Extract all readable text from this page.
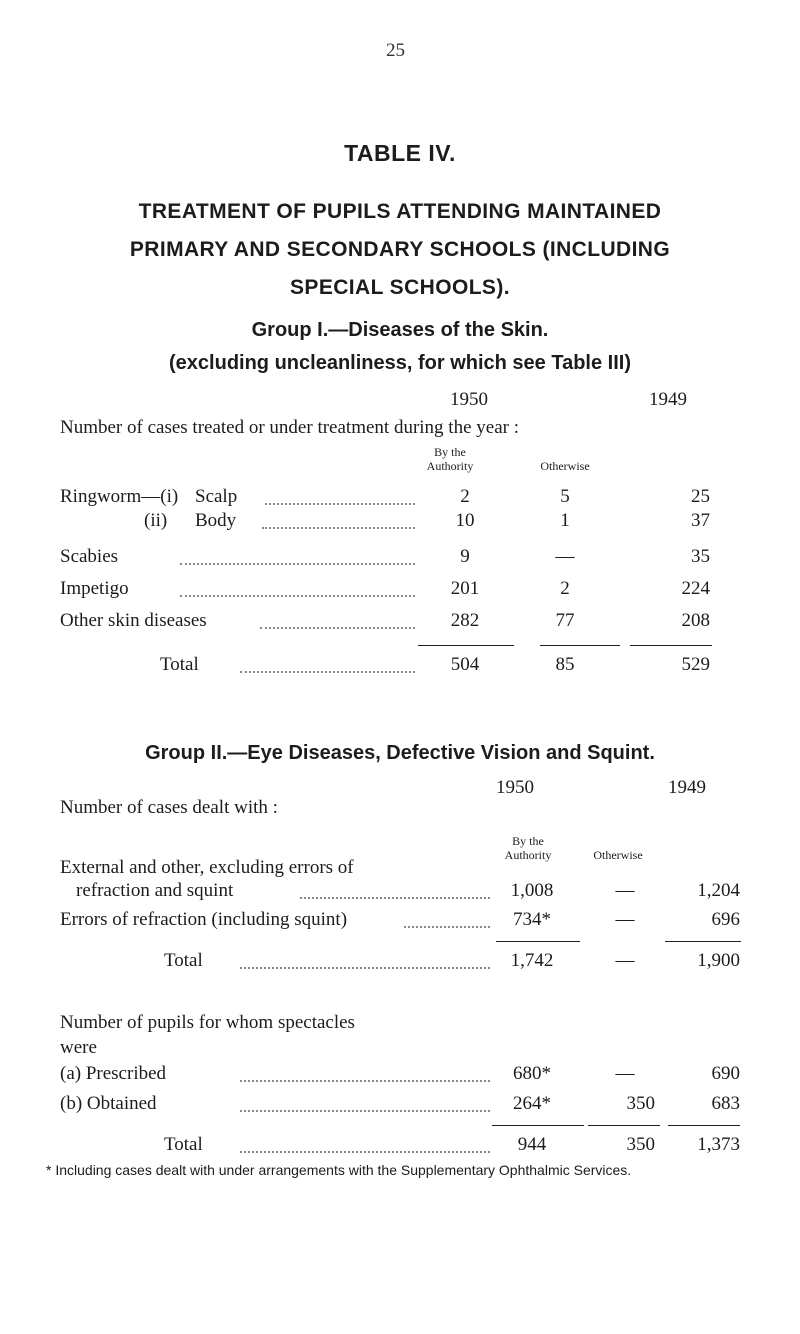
25
TABLE IV.
TREATMENT OF PUPILS ATTENDING MAINTAINED
PRIMARY AND SECONDARY SCHOOLS (INCLUDING
SPECIAL SCHOOLS).
Group I.—Diseases of the Skin.
(excluding uncleanliness, for which see Table III)
1950	1949
Number of cases treated or under treatment during the year :
By the Authority	Otherwise
Ringworm—(i) Scalp	2	5	25
(ii) Body	10	1	37
Scabies	9	—	35
Impetigo	201	2	224
Other skin diseases	282	77	208
Total	504	85	529
Group II.—Eye Diseases, Defective Vision and Squint.
1950	1949
Number of cases dealt with :
By the Authority	Otherwise
External and other, excluding errors of
refraction and squint	1,008	—	1,204
Errors of refraction (including squint)	734*	—	696
Total	1,742	—	1,900
Number of pupils for whom spectacles
were
(a) Prescribed	680*	—	690
(b) Obtained	264*	350	683
Total	944	350	1,373
* Including cases dealt with under arrangements with the Supplementary Ophthalmic Services.
